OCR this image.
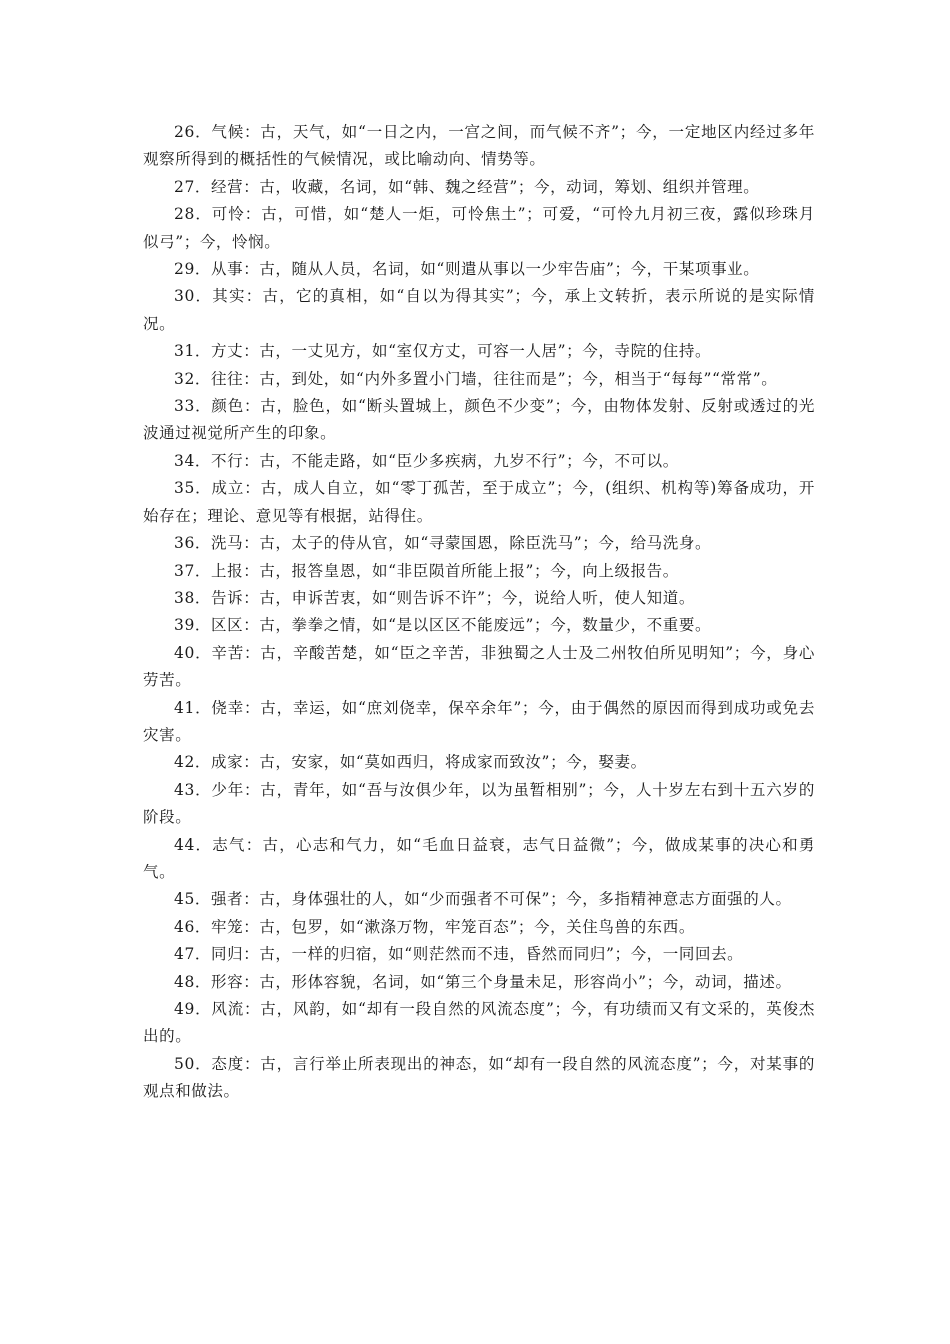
26．气候：古，天气，如“一日之内，一宫之间，而气候不齐”；今，一定地区内经过多年观察所得到的概括性的气候情况，或比喻动向、情势等。

27．经营：古，收藏，名词，如“韩、魏之经营”；今，动词，筹划、组织并管理。

28．可怜：古，可惜，如“楚人一炬，可怜焦土”；可爱，“可怜九月初三夜，露似珍珠月似弓”；今，怜悯。

29．从事：古，随从人员，名词，如“则遣从事以一少牢告庙”；今，干某项事业。

30．其实：古，它的真相，如“自以为得其实”；今，承上文转折，表示所说的是实际情况。

31．方丈：古，一丈见方，如“室仅方丈，可容一人居”；今，寺院的住持。

32．往往：古，到处，如“内外多置小门墙，往往而是”；今，相当于“每每”“常常”。

33．颜色：古，脸色，如“断头置城上，颜色不少变”；今，由物体发射、反射或透过的光波通过视觉所产生的印象。

34．不行：古，不能走路，如“臣少多疾病，九岁不行”；今，不可以。

35．成立：古，成人自立，如“零丁孤苦，至于成立”；今，(组织、机构等)筹备成功，开始存在；理论、意见等有根据，站得住。

36．洗马：古，太子的侍从官，如“寻蒙国恩，除臣洗马”；今，给马洗身。

37．上报：古，报答皇恩，如“非臣陨首所能上报”；今，向上级报告。

38．告诉：古，申诉苦衷，如“则告诉不许”；今，说给人听，使人知道。

39．区区：古，拳拳之情，如“是以区区不能废远”；今，数量少，不重要。

40．辛苦：古，辛酸苦楚，如“臣之辛苦，非独蜀之人士及二州牧伯所见明知”；今，身心劳苦。

41．侥幸：古，幸运，如“庶刘侥幸，保卒余年”；今，由于偶然的原因而得到成功或免去灾害。

42．成家：古，安家，如“莫如西归，将成家而致汝”；今，娶妻。

43．少年：古，青年，如“吾与汝俱少年，以为虽暂相别”；今，人十岁左右到十五六岁的阶段。

44．志气：古，心志和气力，如“毛血日益衰，志气日益微”；今，做成某事的决心和勇气。

45．强者：古，身体强壮的人，如“少而强者不可保”；今，多指精神意志方面强的人。

46．牢笼：古，包罗，如“漱涤万物，牢笼百态”；今，关住鸟兽的东西。

47．同归：古，一样的归宿，如“则茫然而不违，昏然而同归”；今，一同回去。

48．形容：古，形体容貌，名词，如“第三个身量未足，形容尚小”；今，动词，描述。

49．风流：古，风韵，如“却有一段自然的风流态度”；今，有功绩而又有文采的，英俊杰出的。

50．态度：古，言行举止所表现出的神态，如“却有一段自然的风流态度”；今，对某事的观点和做法。
